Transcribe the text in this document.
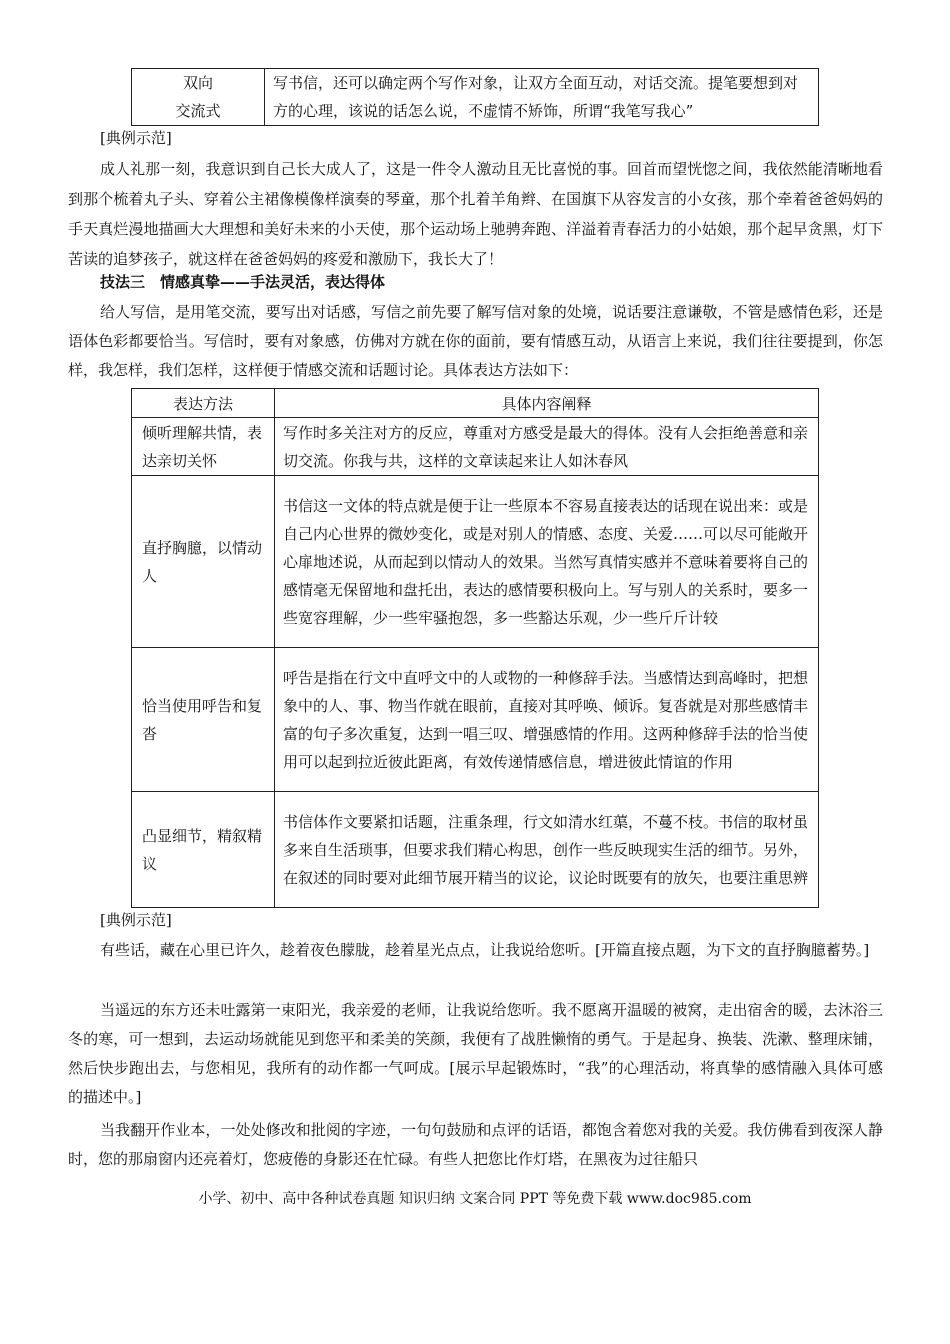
双向
交流式
	写书信，还可以确定两个写作对象，让双方全面互动，对话交流。提笔要想到对方的心理，该说的话怎么说，不虚情不矫饰，所谓“我笔写我心”
[典例示范]
成人礼那一刻，我意识到自己长大成人了，这是一件令人激动且无比喜悦的事。回首而望恍惚之间，我依然能清晰地看到那个梳着丸子头、穿着公主裙像模像样演奏的琴童，那个扎着羊角辫、在国旗下从容发言的小女孩，那个牵着爸爸妈妈的手天真烂漫地描画大大理想和美好未来的小天使，那个运动场上驰骋奔跑、洋溢着青春活力的小姑娘，那个起早贪黑，灯下苦读的追梦孩子，就这样在爸爸妈妈的疼爱和激励下，我长大了！
技法三　情感真挚——手法灵活，表达得体
给人写信，是用笔交流，要写出对话感，写信之前先要了解写信对象的处境，说话要注意谦敬，不管是感情色彩，还是语体色彩都要恰当。写信时，要有对象感，仿佛对方就在你的面前，要有情感互动，从语言上来说，我们往往要提到，你怎样，我怎样，我们怎样，这样便于情感交流和话题讨论。具体表达方法如下：
表达方法	具体内容阐释
倾听理解共情，表达亲切关怀	写作时多关注对方的反应，尊重对方感受是最大的得体。没有人会拒绝善意和亲切交流。你我与共，这样的文章读起来让人如沐春风
直抒胸臆，以情动人	书信这一文体的特点就是便于让一些原本不容易直接表达的话现在说出来：或是自己内心世界的微妙变化，或是对别人的情感、态度、关爱……可以尽可能敞开心扉地述说，从而起到以情动人的效果。当然写真情实感并不意味着要将自己的感情毫无保留地和盘托出，表达的感情要积极向上。写与别人的关系时，要多一些宽容理解，少一些牢骚抱怨，多一些豁达乐观，少一些斤斤计较
恰当使用呼告和复沓	呼告是指在行文中直呼文中的人或物的一种修辞手法。当感情达到高峰时，把想象中的人、事、物当作就在眼前，直接对其呼唤、倾诉。复沓就是对那些感情丰富的句子多次重复，达到一唱三叹、增强感情的作用。这两种修辞手法的恰当使用可以起到拉近彼此距离，有效传递情感信息，增进彼此情谊的作用
凸显细节，精叙精议	书信体作文要紧扣话题，注重条理，行文如清水红蕖，不蔓不枝。书信的取材虽多来自生活琐事，但要求我们精心构思，创作一些反映现实生活的细节。另外，在叙述的同时要对此细节展开精当的议论，议论时既要有的放矢，也要注重思辨
[典例示范]
有些话，藏在心里已许久，趁着夜色朦胧，趁着星光点点，让我说给您听。[开篇直接点题，为下文的直抒胸臆蓄势。]
当遥远的东方还未吐露第一束阳光，我亲爱的老师，让我说给您听。我不愿离开温暖的被窝，走出宿舍的暖，去沐浴三冬的寒，可一想到，去运动场就能见到您平和柔美的笑颜，我便有了战胜懒惰的勇气。于是起身、换装、洗漱、整理床铺，然后快步跑出去，与您相见，我所有的动作都一气呵成。[展示早起锻炼时，“我”的心理活动，将真挚的感情融入具体可感的描述中。]
当我翻开作业本，一处处修改和批阅的字迹，一句句鼓励和点评的话语，都饱含着您对我的关爱。我仿佛看到夜深人静时，您的那扇窗内还亮着灯，您疲倦的身影还在忙碌。有些人把您比作灯塔，在黑夜为过往船只
小学、初中、高中各种试卷真题 知识归纳 文案合同 PPT 等免费下载 www.doc985.com
